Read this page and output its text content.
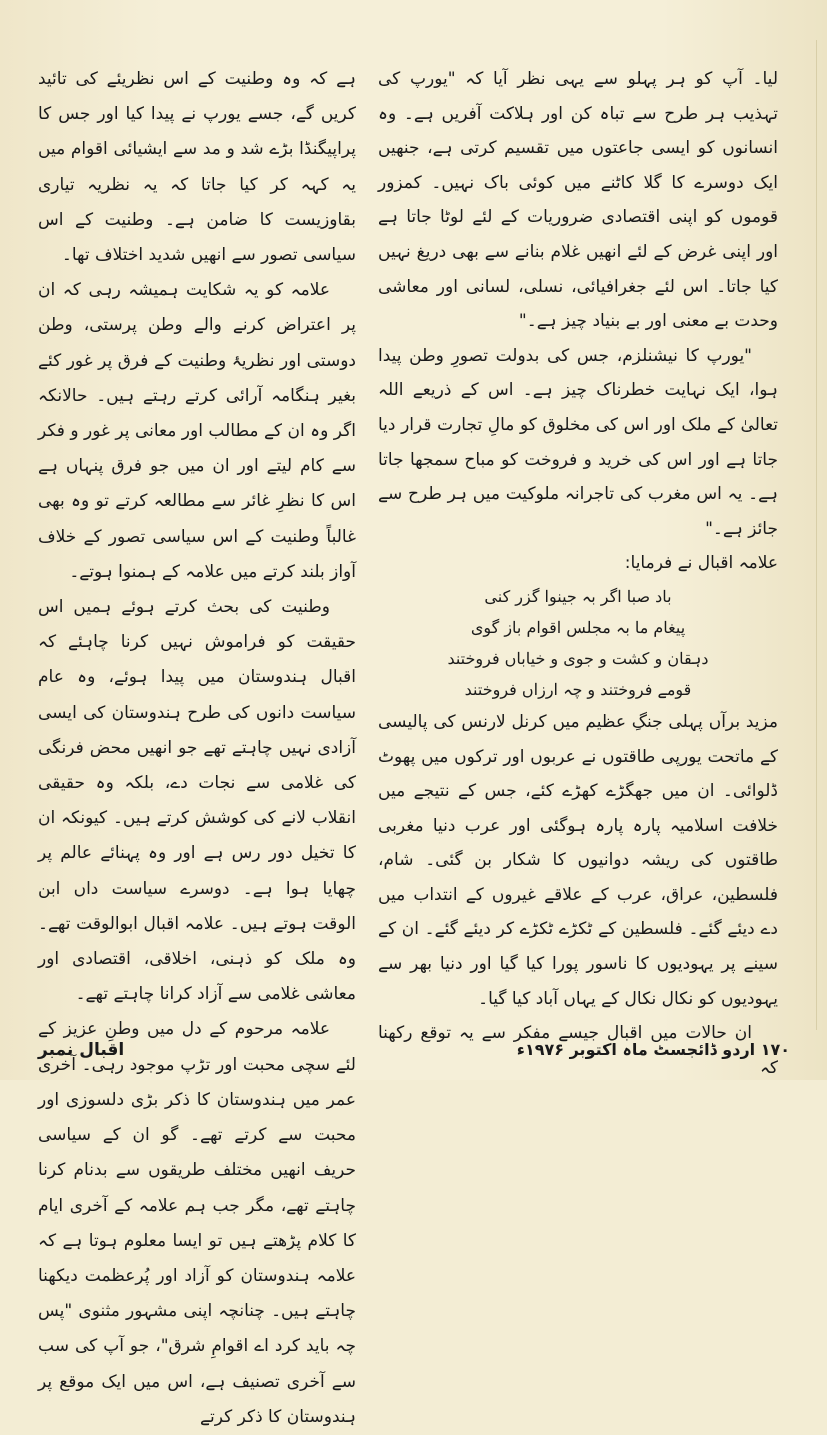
لیا۔ آپ کو ہر پہلو سے یہی نظر آیا کہ "یورپ کی تہذیب ہر طرح سے تباہ کن اور ہلاکت آفریں ہے۔ وہ انسانوں کو ایسی جاعتوں میں تقسیم کرتی ہے، جنھیں ایک دوسرے کا گلا کاٹنے میں کوئی باک نہیں۔ کمزور قوموں کو اپنی اقتصادی ضروریات کے لئے لوٹا جاتا ہے اور اپنی غرض کے لئے انھیں غلام بنانے سے بھی دریغ نہیں کیا جاتا۔ اس لئے جغرافیائی، نسلی، لسانی اور معاشی وحدت بے معنی اور بے بنیاد چیز ہے۔"

"یورپ کا نیشنلزم، جس کی بدولت تصورِ وطن پیدا ہوا، ایک نہایت خطرناک چیز ہے۔ اس کے ذریعے اللہ تعالیٰ کے ملک اور اس کی مخلوق کو مالِ تجارت قرار دیا جاتا ہے اور اس کی خرید و فروخت کو مباح سمجھا جاتا ہے۔ یہ اس مغرب کی تاجرانہ ملوکیت میں ہر طرح سے جائز ہے۔"

علامہ اقبال نے فرمایا:

باد صبا اگر بہ جینوا گزر کنی

پیغام ما بہ مجلس اقوام باز گوی

دہقان و کشت و جوی و خیاباں فروختند

قومے فروختند و چہ ارزاں فروختند

مزید برآں پہلی جنگِ عظیم میں کرنل لارنس کی پالیسی کے ماتحت یورپی طاقتوں نے عربوں اور ترکوں میں پھوٹ ڈلوائی۔ ان میں جھگڑے کھڑے کئے، جس کے نتیجے میں خلافت اسلامیہ پارہ پارہ ہوگئی اور عرب دنیا مغربی طاقتوں کی ریشہ دوانیوں کا شکار بن گئی۔ شام، فلسطین، عراق، عرب کے علاقے غیروں کے انتداب میں دے دیئے گئے۔ فلسطین کے ٹکڑے ٹکڑے کر دیئے گئے۔ ان کے سینے پر یہودیوں کا ناسور پورا کیا گیا اور دنیا بھر سے یہودیوں کو نکال نکال کے یہاں آباد کیا گیا۔

ان حالات میں اقبال جیسے مفکر سے یہ توقع رکھنا کہ

ہے کہ وہ وطنیت کے اس نظریئے کی تائید کریں گے، جسے یورپ نے پیدا کیا اور جس کا پراپیگنڈا بڑے شد و مد سے ایشیائی اقوام میں یہ کہہ کر کیا جاتا کہ یہ نظریہ تیاری بقاوزیست کا ضامن ہے۔ وطنیت کے اس سیاسی تصور سے انھیں شدید اختلاف تھا۔

علامہ کو یہ شکایت ہمیشہ رہی کہ ان پر اعتراض کرنے والے وطن پرستی، وطن دوستی اور نظریۂ وطنیت کے فرق پر غور کئے بغیر ہنگامہ آرائی کرتے رہتے ہیں۔ حالانکہ اگر وہ ان کے مطالب اور معانی پر غور و فکر سے کام لیتے اور ان میں جو فرق پنہاں ہے اس کا نظرِ غائر سے مطالعہ کرتے تو وہ بھی غالباً وطنیت کے اس سیاسی تصور کے خلاف آواز بلند کرتے میں علامہ کے ہمنوا ہوتے۔

وطنیت کی بحث کرتے ہوئے ہمیں اس حقیقت کو فراموش نہیں کرنا چاہئے کہ اقبال ہندوستان میں پیدا ہوئے، وہ عام سیاست دانوں کی طرح ہندوستان کی ایسی آزادی نہیں چاہتے تھے جو انھیں محض فرنگی کی غلامی سے نجات دے، بلکہ وہ حقیقی انقلاب لانے کی کوشش کرتے ہیں۔ کیونکہ ان کا تخیل دور رس ہے اور وہ پہنائے عالم پر چھایا ہوا ہے۔ دوسرے سیاست داں ابن الوقت ہوتے ہیں۔ علامہ اقبال ابوالوقت تھے۔ وہ ملک کو ذہنی، اخلاقی، اقتصادی اور معاشی غلامی سے آزاد کرانا چاہتے تھے۔

علامہ مرحوم کے دل میں وطنِ عزیز کے لئے سچی محبت اور تڑپ موجود رہی۔ آخری عمر میں ہندوستان کا ذکر بڑی دلسوزی اور محبت سے کرتے تھے۔ گو ان کے سیاسی حریف انھیں مختلف طریقوں سے بدنام کرنا چاہتے تھے، مگر جب ہم علامہ کے آخری ایام کا کلام پڑھتے ہیں تو ایسا معلوم ہوتا ہے کہ علامہ ہندوستان کو آزاد اور پُرعظمت دیکھنا چاہتے ہیں۔ چنانچہ اپنی مشہور مثنوی "پس چہ باید کرد اے اقوامِ شرق"، جو آپ کی سب سے آخری تصنیف ہے، اس میں ایک موقع پر ہندوستان کا ذکر کرتے

۱۷۰ اردو ڈائجسٹ ماہ اکتوبر ۱۹۷۶ء
اقبال نمبر
